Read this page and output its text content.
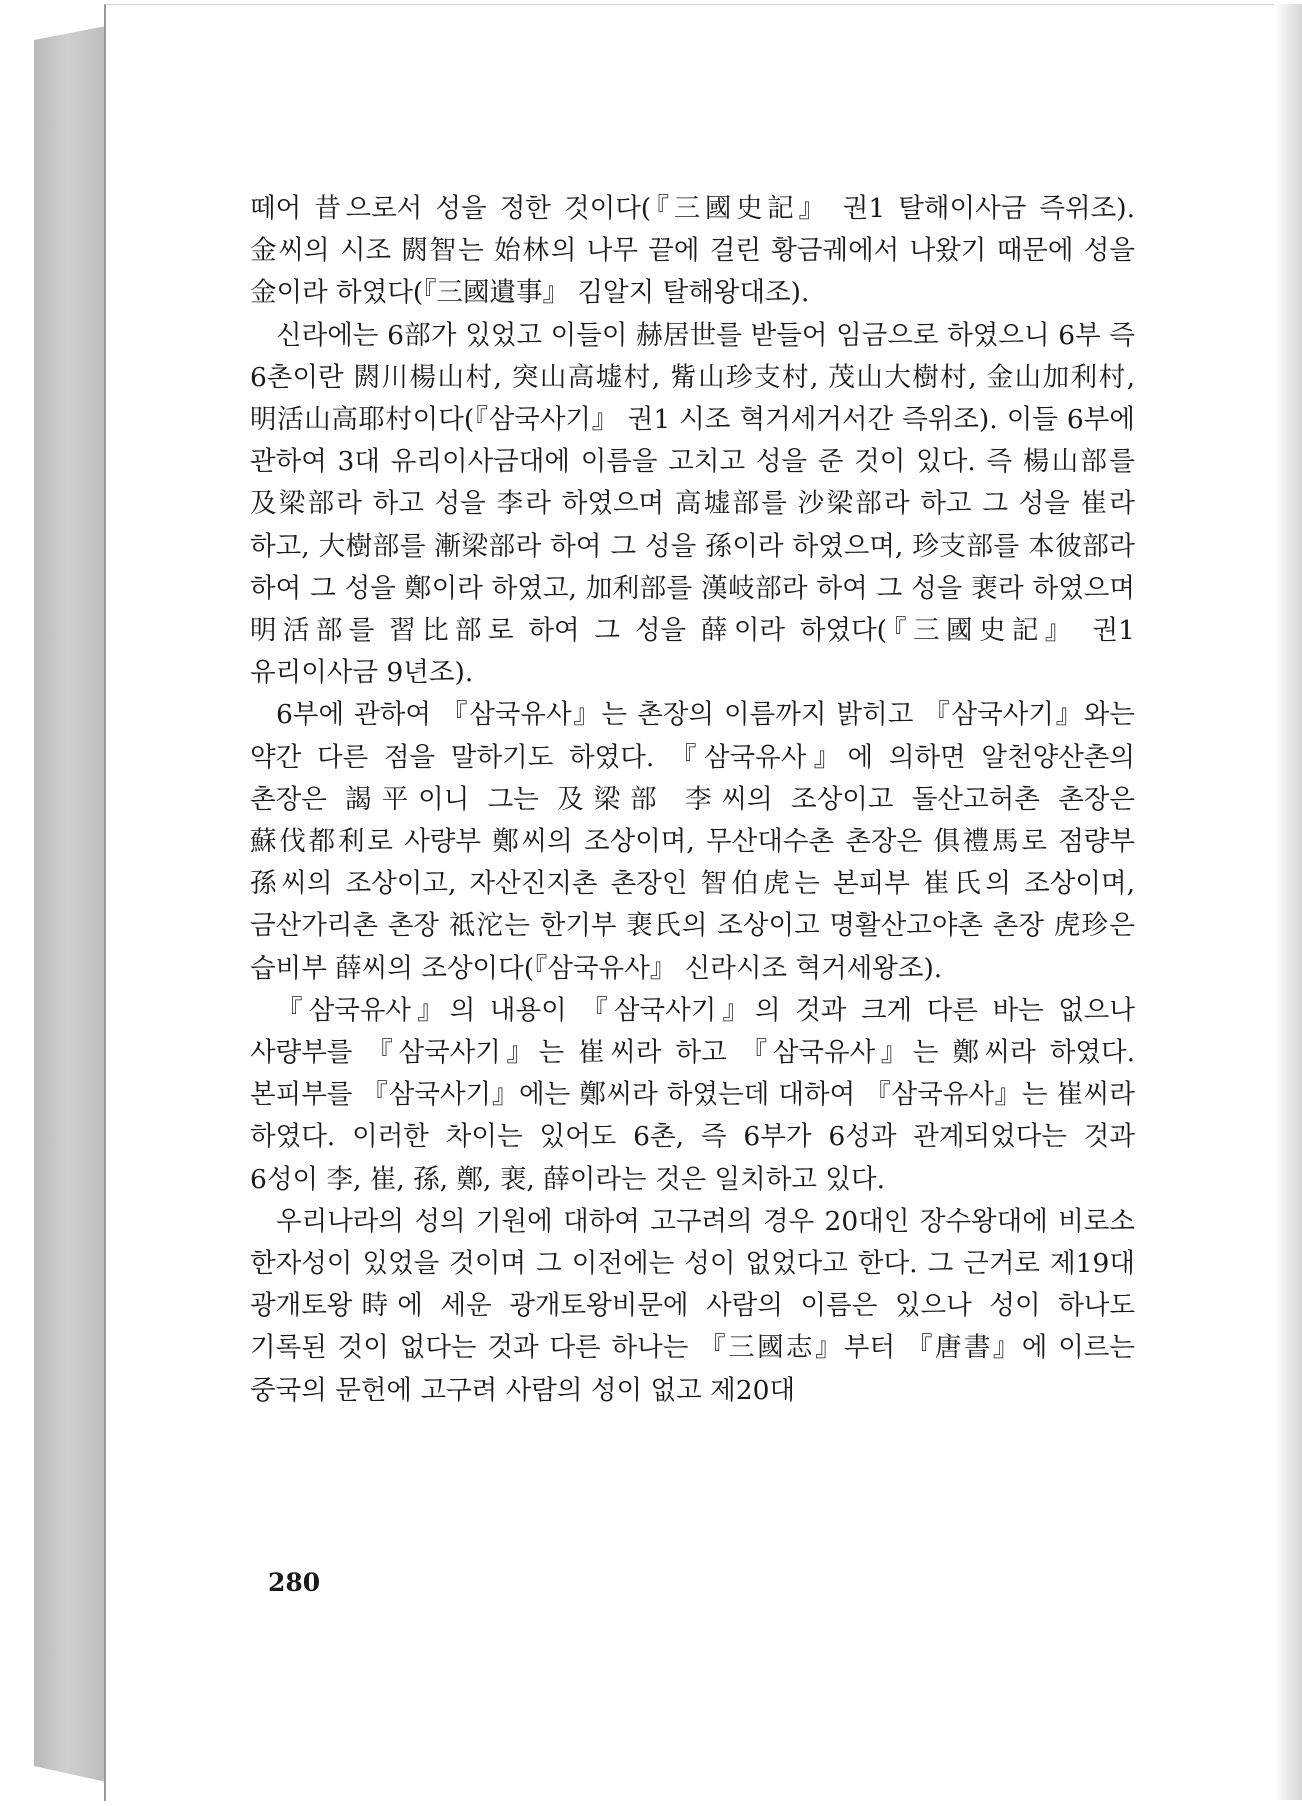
떼어 昔으로서 성을 정한 것이다(『三國史記』 권1 탈해이사금 즉위조). 金씨의 시조 閼智는 始林의 나무 끝에 걸린 황금궤에서 나왔기 때문에 성을 金이라 하였다(『三國遺事』 김알지 탈해왕대조).

신라에는 6部가 있었고 이들이 赫居世를 받들어 임금으로 하였으니 6부 즉 6촌이란 閼川楊山村, 突山高墟村, 觜山珍支村, 茂山大樹村, 金山加利村, 明活山高耶村이다(『삼국사기』 권1 시조 혁거세거서간 즉위조). 이들 6부에 관하여 3대 유리이사금대에 이름을 고치고 성을 준 것이 있다. 즉 楊山部를 及梁部라 하고 성을 李라 하였으며 高墟部를 沙梁部라 하고 그 성을 崔라 하고, 大樹部를 漸梁部라 하여 그 성을 孫이라 하였으며, 珍支部를 本彼部라 하여 그 성을 鄭이라 하였고, 加利部를 漢岐部라 하여 그 성을 裵라 하였으며 明活部를 習比部로 하여 그 성을 薛이라 하였다(『三國史記』 권1 유리이사금 9년조).

6부에 관하여 『삼국유사』는 촌장의 이름까지 밝히고 『삼국사기』와는 약간 다른 점을 말하기도 하였다. 『삼국유사』에 의하면 알천양산촌의 촌장은 謁平이니 그는 及梁部 李씨의 조상이고 돌산고허촌 촌장은 蘇伐都利로 사량부 鄭씨의 조상이며, 무산대수촌 촌장은 俱禮馬로 점량부 孫씨의 조상이고, 자산진지촌 촌장인 智伯虎는 본피부 崔氏의 조상이며, 금산가리촌 촌장 祗沱는 한기부 裵氏의 조상이고 명활산고야촌 촌장 虎珍은 습비부 薛씨의 조상이다(『삼국유사』 신라시조 혁거세왕조).

『삼국유사』의 내용이 『삼국사기』의 것과 크게 다른 바는 없으나 사량부를 『삼국사기』는 崔씨라 하고 『삼국유사』는 鄭씨라 하였다. 본피부를 『삼국사기』에는 鄭씨라 하였는데 대하여 『삼국유사』는 崔씨라 하였다. 이러한 차이는 있어도 6촌, 즉 6부가 6성과 관계되었다는 것과 6성이 李, 崔, 孫, 鄭, 裵, 薛이라는 것은 일치하고 있다.

우리나라의 성의 기원에 대하여 고구려의 경우 20대인 장수왕대에 비로소 한자성이 있었을 것이며 그 이전에는 성이 없었다고 한다. 그 근거로 제19대 광개토왕時에 세운 광개토왕비문에 사람의 이름은 있으나 성이 하나도 기록된 것이 없다는 것과 다른 하나는 『三國志』부터 『唐書』에 이르는 중국의 문헌에 고구려 사람의 성이 없고 제20대

280
